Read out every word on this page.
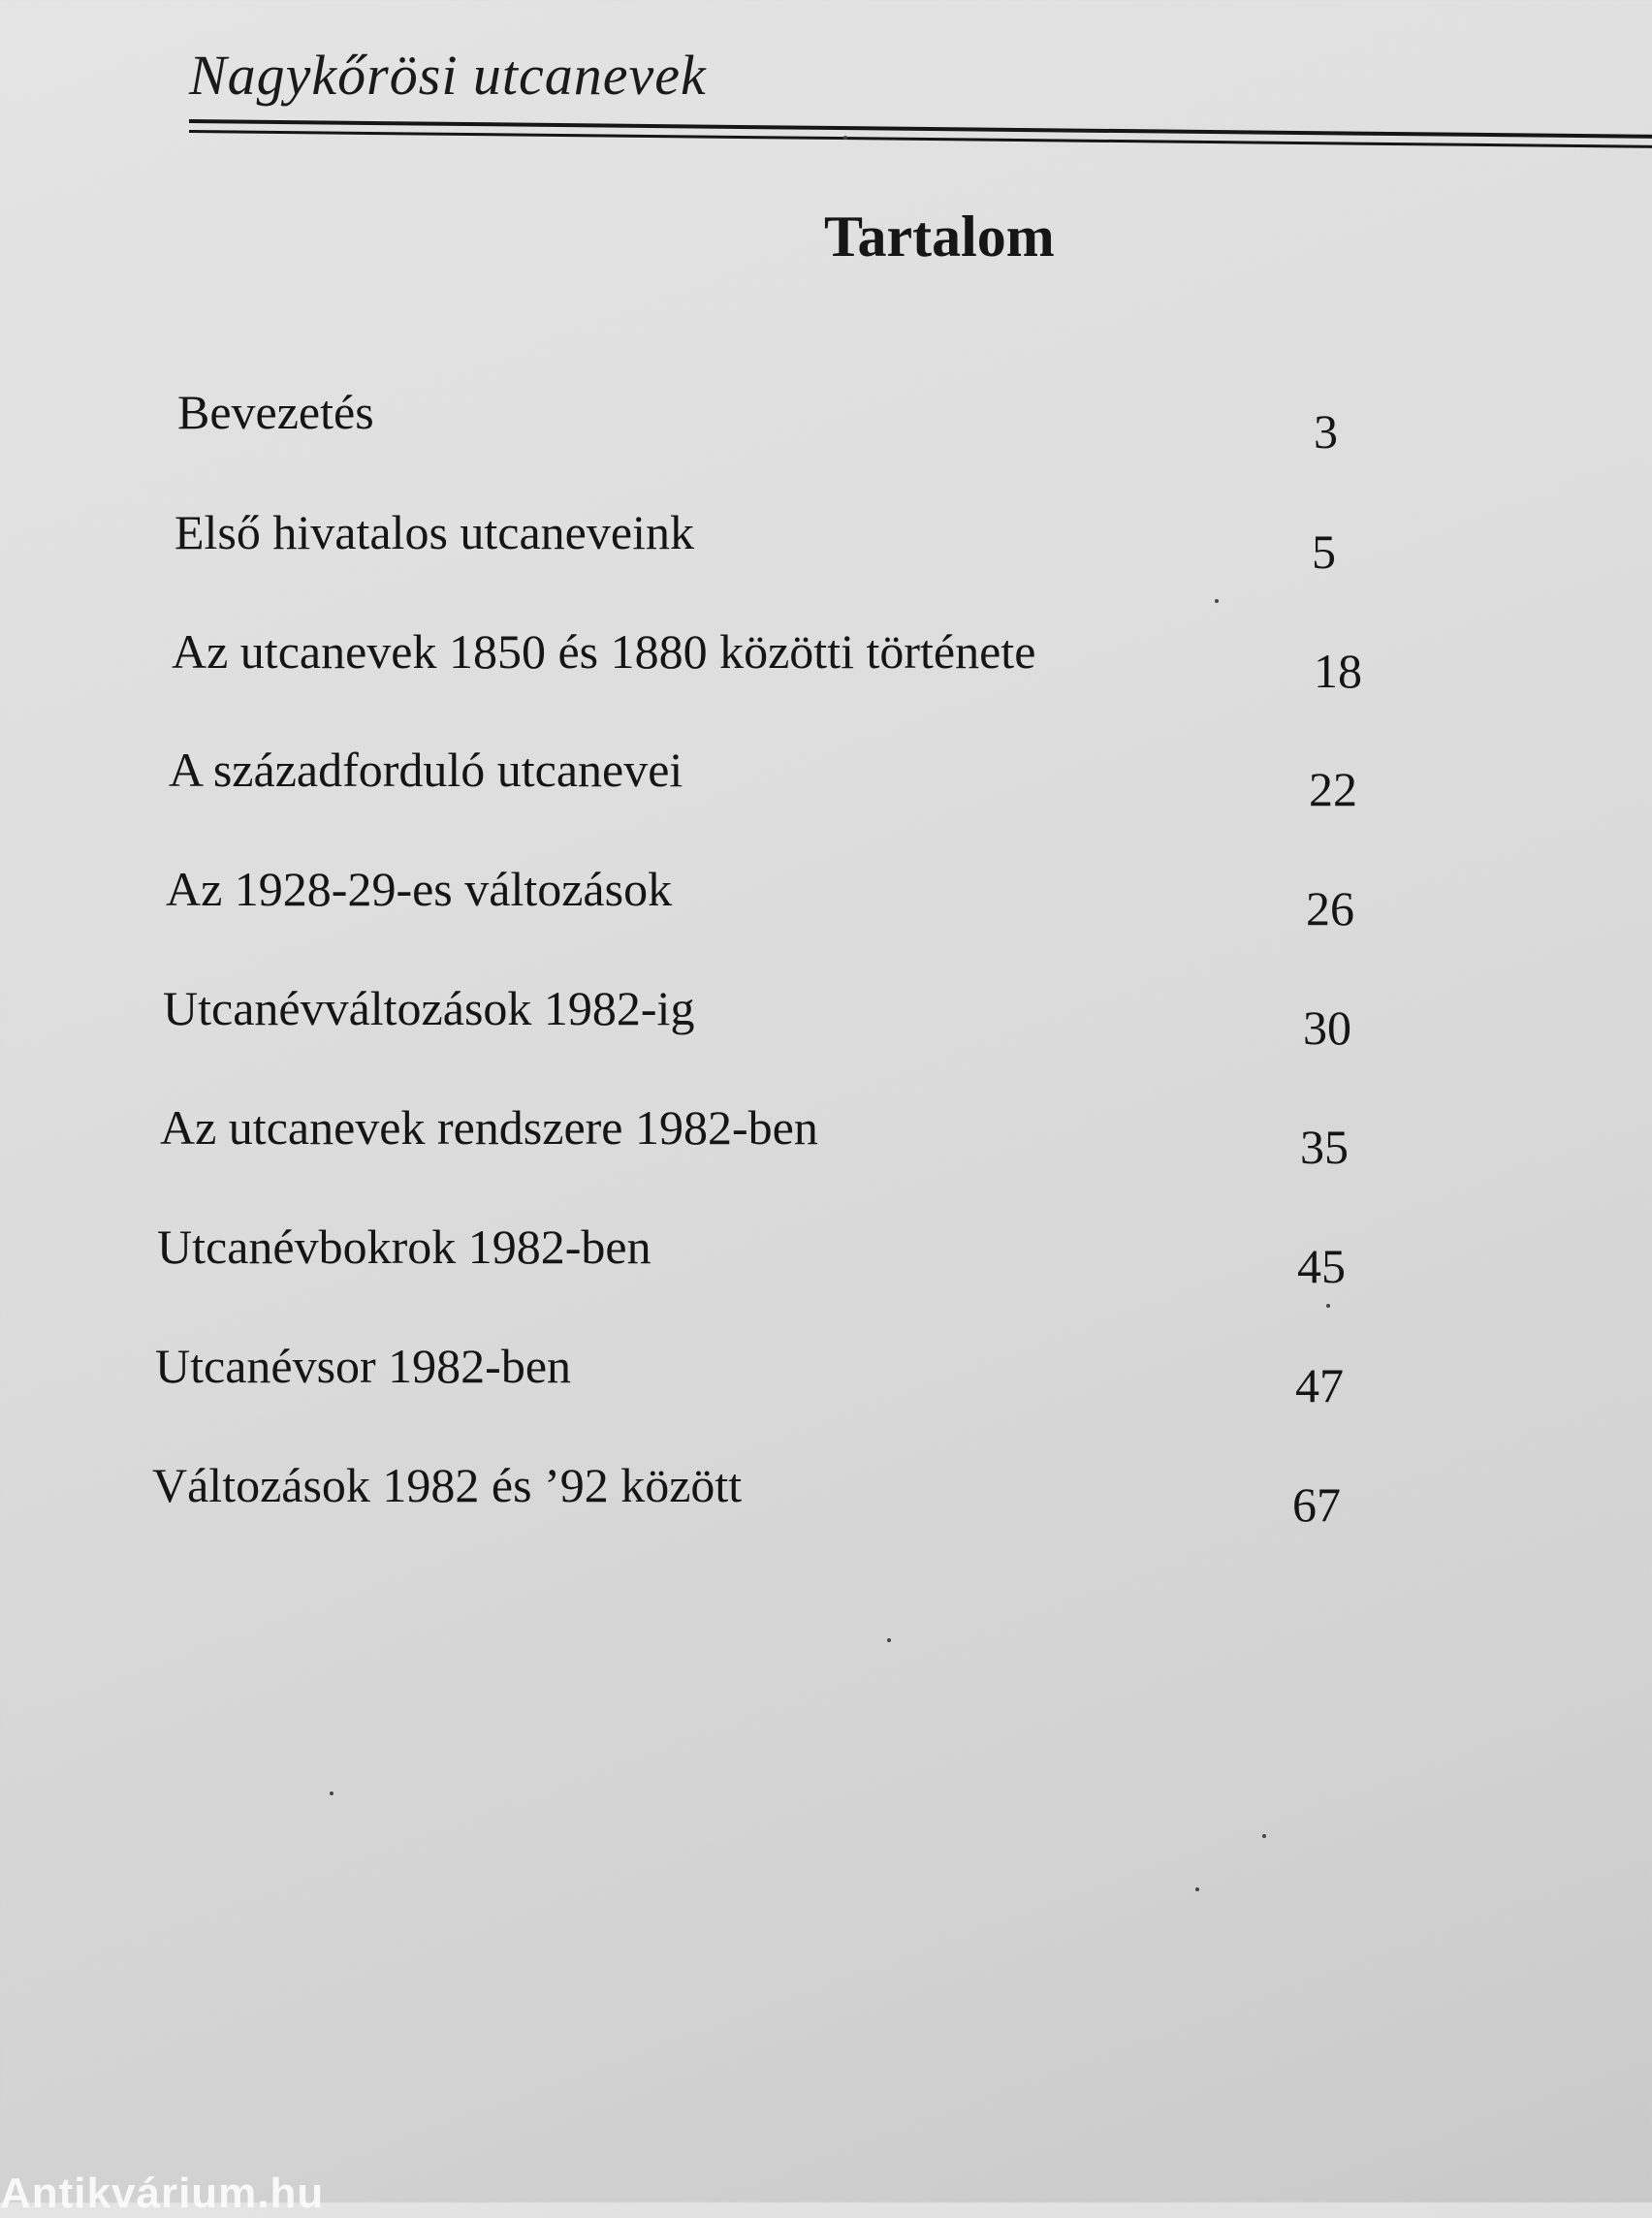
Nagykőrösi utcanevek
Tartalom
Bevezetés	3
Első hivatalos utcaneveink	5
Az utcanevek 1850 és 1880 közötti története	18
A századforduló utcanevei	22
Az 1928-29-es változások	26
Utcanévváltozások 1982-ig	30
Az utcanevek rendszere 1982-ben	35
Utcanévbokrok 1982-ben	45
Utcanévsor 1982-ben	47
Változások 1982 és ’92 között	67
Antikvárium.hu
